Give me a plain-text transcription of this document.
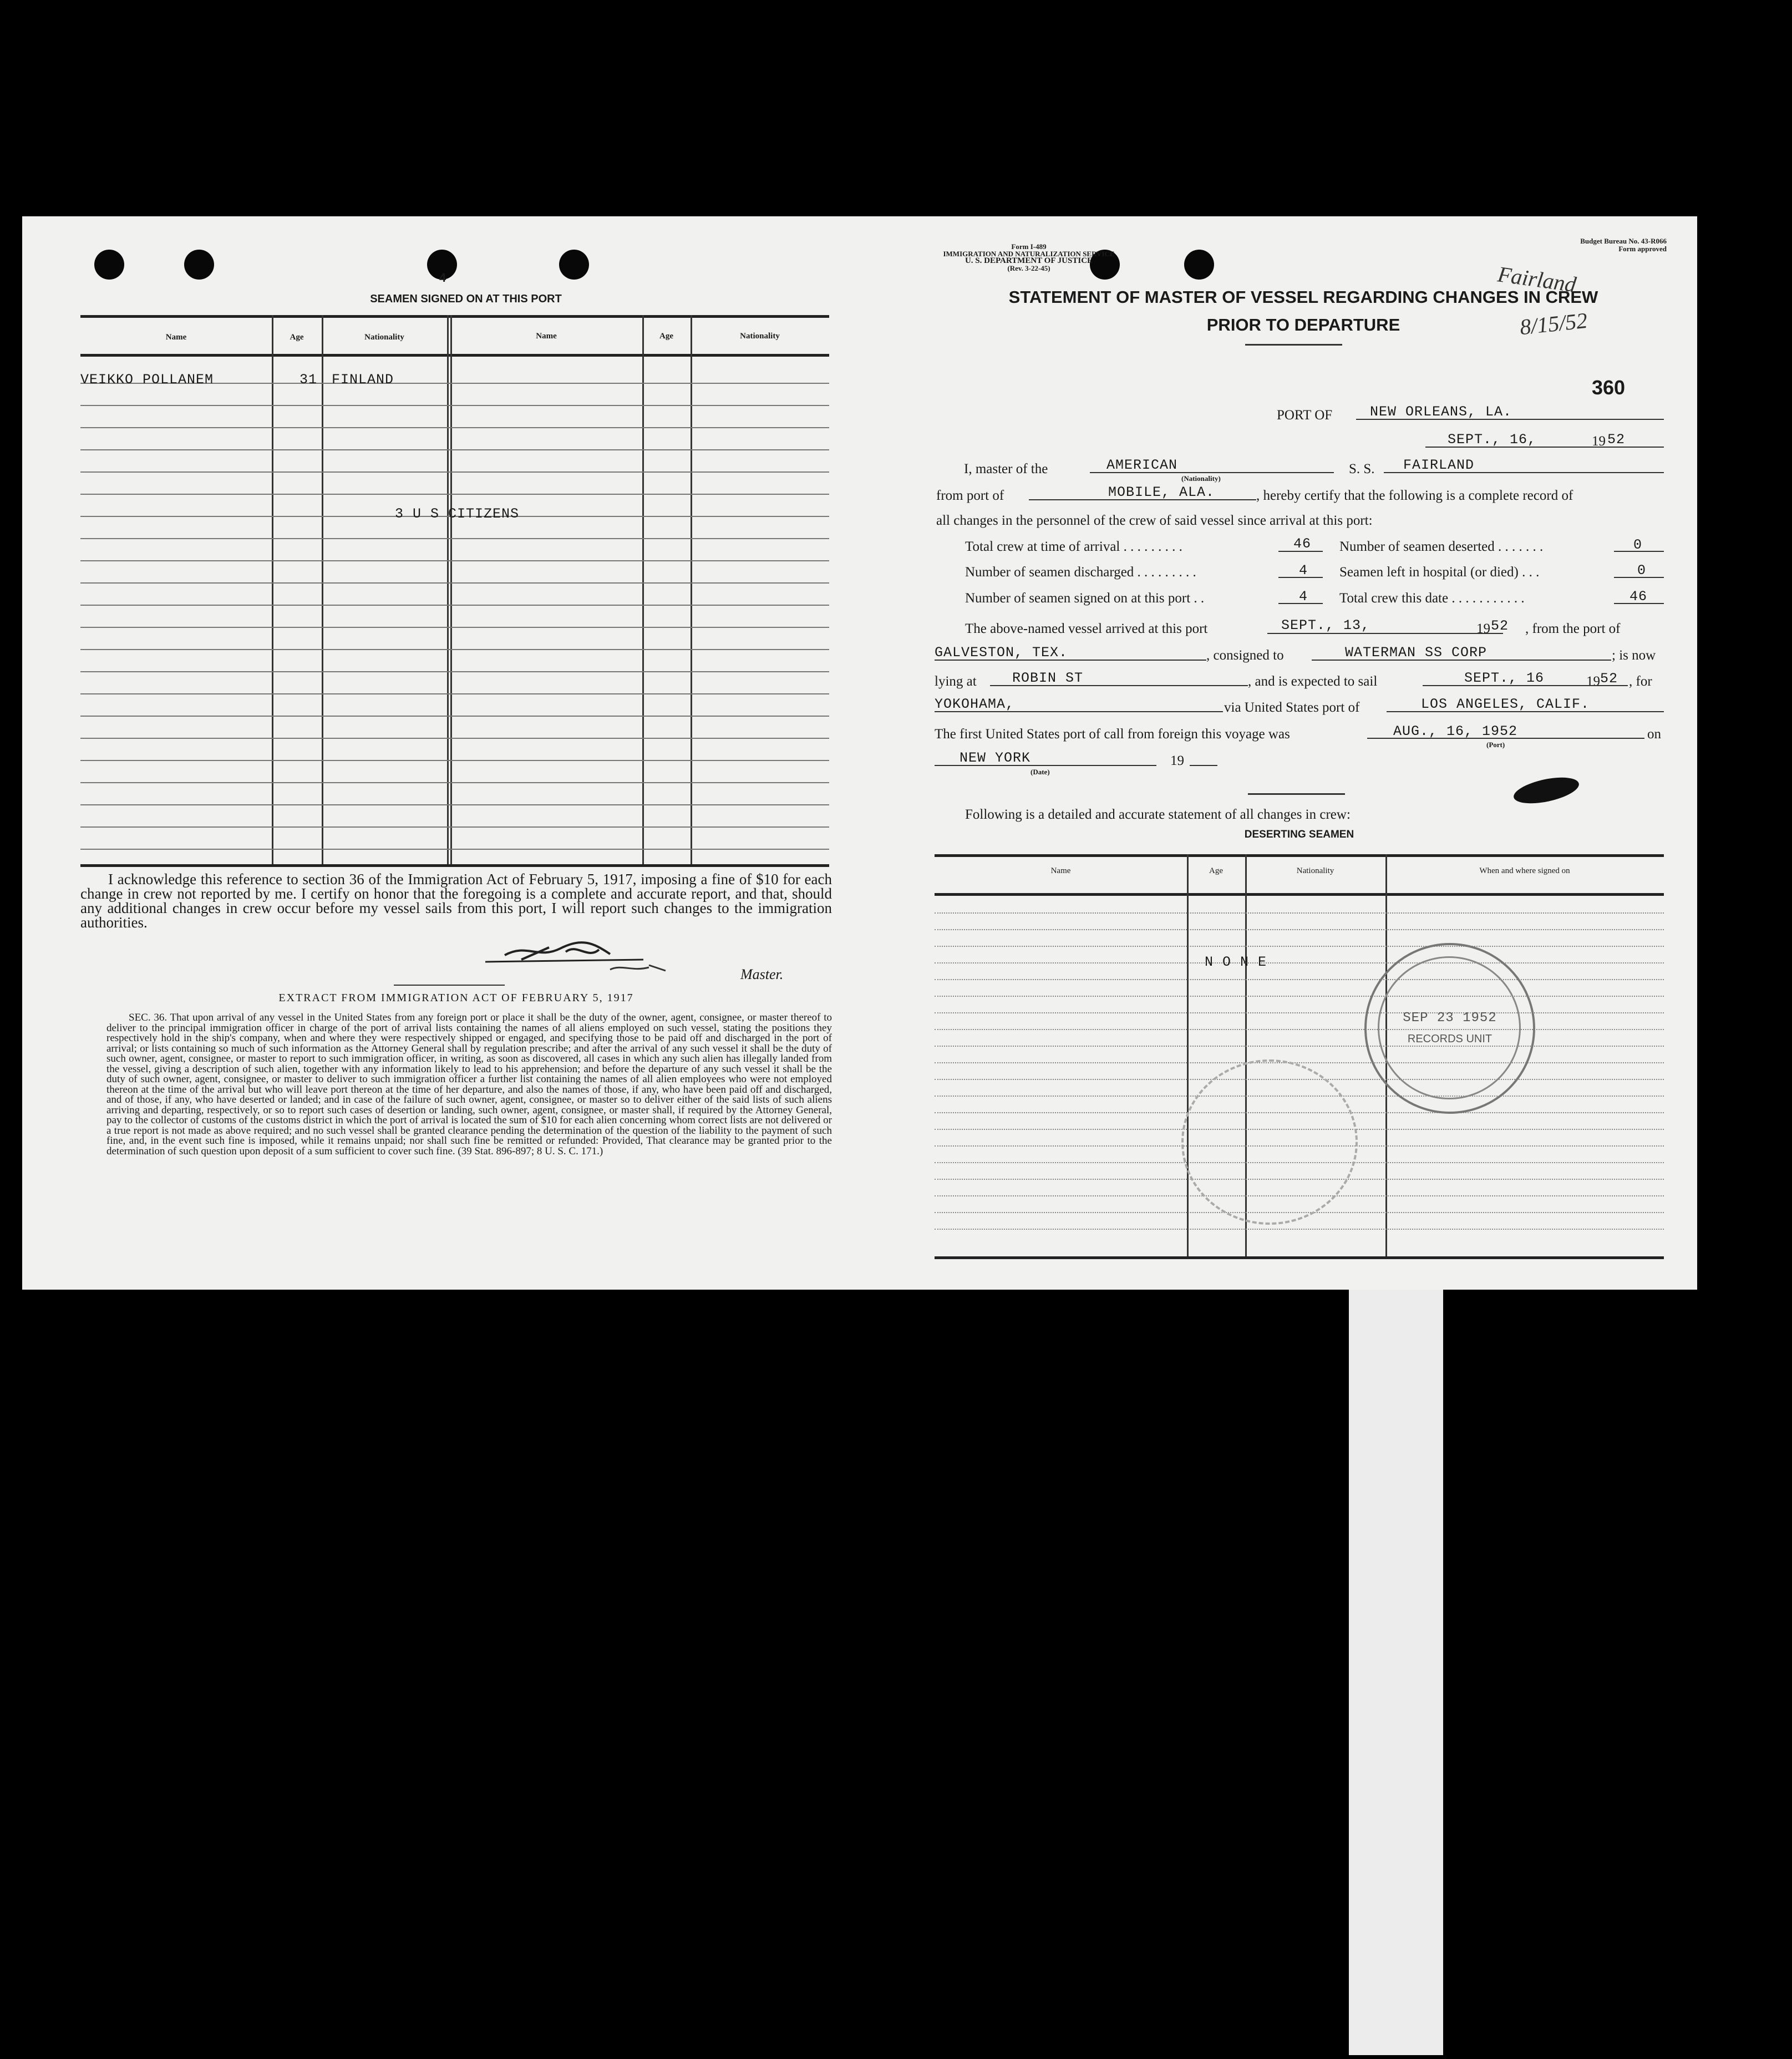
4
SEAMEN SIGNED ON AT THIS PORT
Name	Age	Nationality	Name	Age	Nationality
VEIKKO POLLANEM	31 FINLAND
3 U S CITIZENS
I acknowledge this reference to section 36 of the Immigration Act of February 5, 1917, imposing a fine of $10 for each change in crew not reported by me. I certify on honor that the foregoing is a complete and accurate report, and that, should any additional changes in crew occur before my vessel sails from this port, I will report such changes to the immigration authorities.
Master.
EXTRACT FROM IMMIGRATION ACT OF FEBRUARY 5, 1917
SEC. 36. That upon arrival of any vessel in the United States from any foreign port or place it shall be the duty of the owner, agent, consignee, or master thereof to deliver to the principal immigration officer in charge of the port of arrival lists containing the names of all aliens employed on such vessel, stating the positions they respectively hold in the ship's company, when and where they were respectively shipped or engaged, and specifying those to be paid off and discharged in the port of arrival; or lists containing so much of such information as the Attorney General shall by regulation prescribe; and after the arrival of any such vessel it shall be the duty of such owner, agent, consignee, or master to report to such immigration officer, in writing, as soon as discovered, all cases in which any such alien has illegally landed from the vessel, giving a description of such alien, together with any information likely to lead to his apprehension; and before the departure of any such vessel it shall be the duty of such owner, agent, consignee, or master to deliver to such immigration officer a further list containing the names of all alien employees who were not employed thereon at the time of the arrival but who will leave port thereon at the time of her departure, and also the names of those, if any, who have been paid off and discharged, and of those, if any, who have deserted or landed; and in case of the failure of such owner, agent, consignee, or master so to deliver either of the said lists of such aliens arriving and departing, respectively, or so to report such cases of desertion or landing, such owner, agent, consignee, or master shall, if required by the Attorney General, pay to the collector of customs of the customs district in which the port of arrival is located the sum of $10 for each alien concerning whom correct lists are not delivered or a true report is not made as above required; and no such vessel shall be granted clearance pending the determination of the question of the liability to the payment of such fine, and, in the event such fine is imposed, while it remains unpaid; nor shall such fine be remitted or refunded: Provided, That clearance may be granted prior to the determination of such question upon deposit of a sum sufficient to cover such fine. (39 Stat. 896-897; 8 U. S. C. 171.)
Form I-489
IMMIGRATION AND NATURALIZATION SERVICE
U. S. DEPARTMENT OF JUSTICE
(Rev. 3-22-45)
Budget Bureau No. 43-R066
Form approved
STATEMENT OF MASTER OF VESSEL REGARDING CHANGES IN CREW
PRIOR TO DEPARTURE
Fairland
8/15/52
360
PORT OF	NEW ORLEANS, LA.
SEPT., 16,	19 52
I, master of the	AMERICAN
(Nationality)
S. S. FAIRLAND
from port of	MOBILE, ALA.	, hereby certify that the following is a complete record of
all changes in the personnel of the crew of said vessel since arrival at this port:
Total crew at time of arrival . . . . . . . . .	46 Number of seamen deserted . . . . . . .	0
Number of seamen discharged . . . . . . . . .	4 Seamen left in hospital (or died) . . .	0
Number of seamen signed on at this port . .	4 Total crew this date . . . . . . . . . . .	46
The above-named vessel arrived at this port	SEPT., 13,	19 52 , from the port of
GALVESTON, TEX.	, consigned to	WATERMAN SS CORP	; is now
lying at	ROBIN ST	, and is expected to sail	SEPT., 16	19 52 , for
YOKOHAMA,	via United States port of	LOS ANGELES, CALIF.
The first United States port of call from foreign this voyage was	AUG., 16, 1952	on
(Port)
NEW YORK	19
(Date)
Following is a detailed and accurate statement of all changes in crew:
DESERTING SEAMEN
Name	Age	Nationality	When and where signed on
N O N E
SEP 23 1952
RECORDS UNIT
